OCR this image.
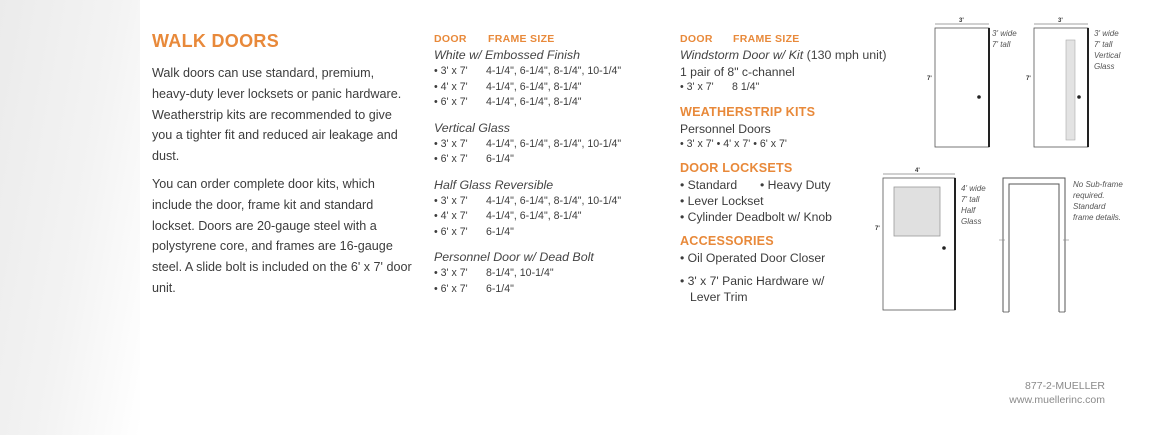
WALK DOORS

Walk doors can use standard, premium, heavy-duty lever locksets or panic hardware. Weatherstrip kits are recommended to give you a tighter fit and reduced air leakage and dust.

You can order complete door kits, which include the door, frame kit and standard lockset. Doors are 20-gauge steel with a polystyrene core, and frames are 16-gauge steel. A slide bolt is included on the 6' x 7' door unit.

DOOR FRAME SIZE
White w/ Embossed Finish
• 3' x 7' 4-1/4", 6-1/4", 8-1/4", 10-1/4"
• 4' x 7' 4-1/4", 6-1/4", 8-1/4"
• 6' x 7' 4-1/4", 6-1/4", 8-1/4"
Vertical Glass
• 3' x 7' 4-1/4", 6-1/4", 8-1/4", 10-1/4"
• 6' x 7' 6-1/4"
Half Glass Reversible
• 3' x 7' 4-1/4", 6-1/4", 8-1/4", 10-1/4"
• 4' x 7' 4-1/4", 6-1/4", 8-1/4"
• 6' x 7' 6-1/4"
Personnel Door w/ Dead Bolt
• 3' x 7' 8-1/4", 10-1/4"
• 6' x 7' 6-1/4"
DOOR FRAME SIZE
Windstorm Door w/ Kit (130 mph unit)
1 pair of 8" c-channel
• 3' x 7' 8 1/4"
WEATHERSTRIP KITS
Personnel Doors
• 3' x 7' • 4' x 7' • 6' x 7'
DOOR LOCKSETS
• Standard • Heavy Duty
• Lever Lockset
• Cylinder Deadbolt w/ Knob
ACCESSORIES
• Oil Operated Door Closer
• 3' x 7' Panic Hardware w/
Lever Trim
3'
7'
3' wide
7' tall
3'
7'
3' wide
7' tall
Vertical
Glass
4'
7'
4' wide
7' tall
Half
Glass
No Sub-frame
required.
Standard
frame details.
877-2-MUELLER
www.muellerinc.com
